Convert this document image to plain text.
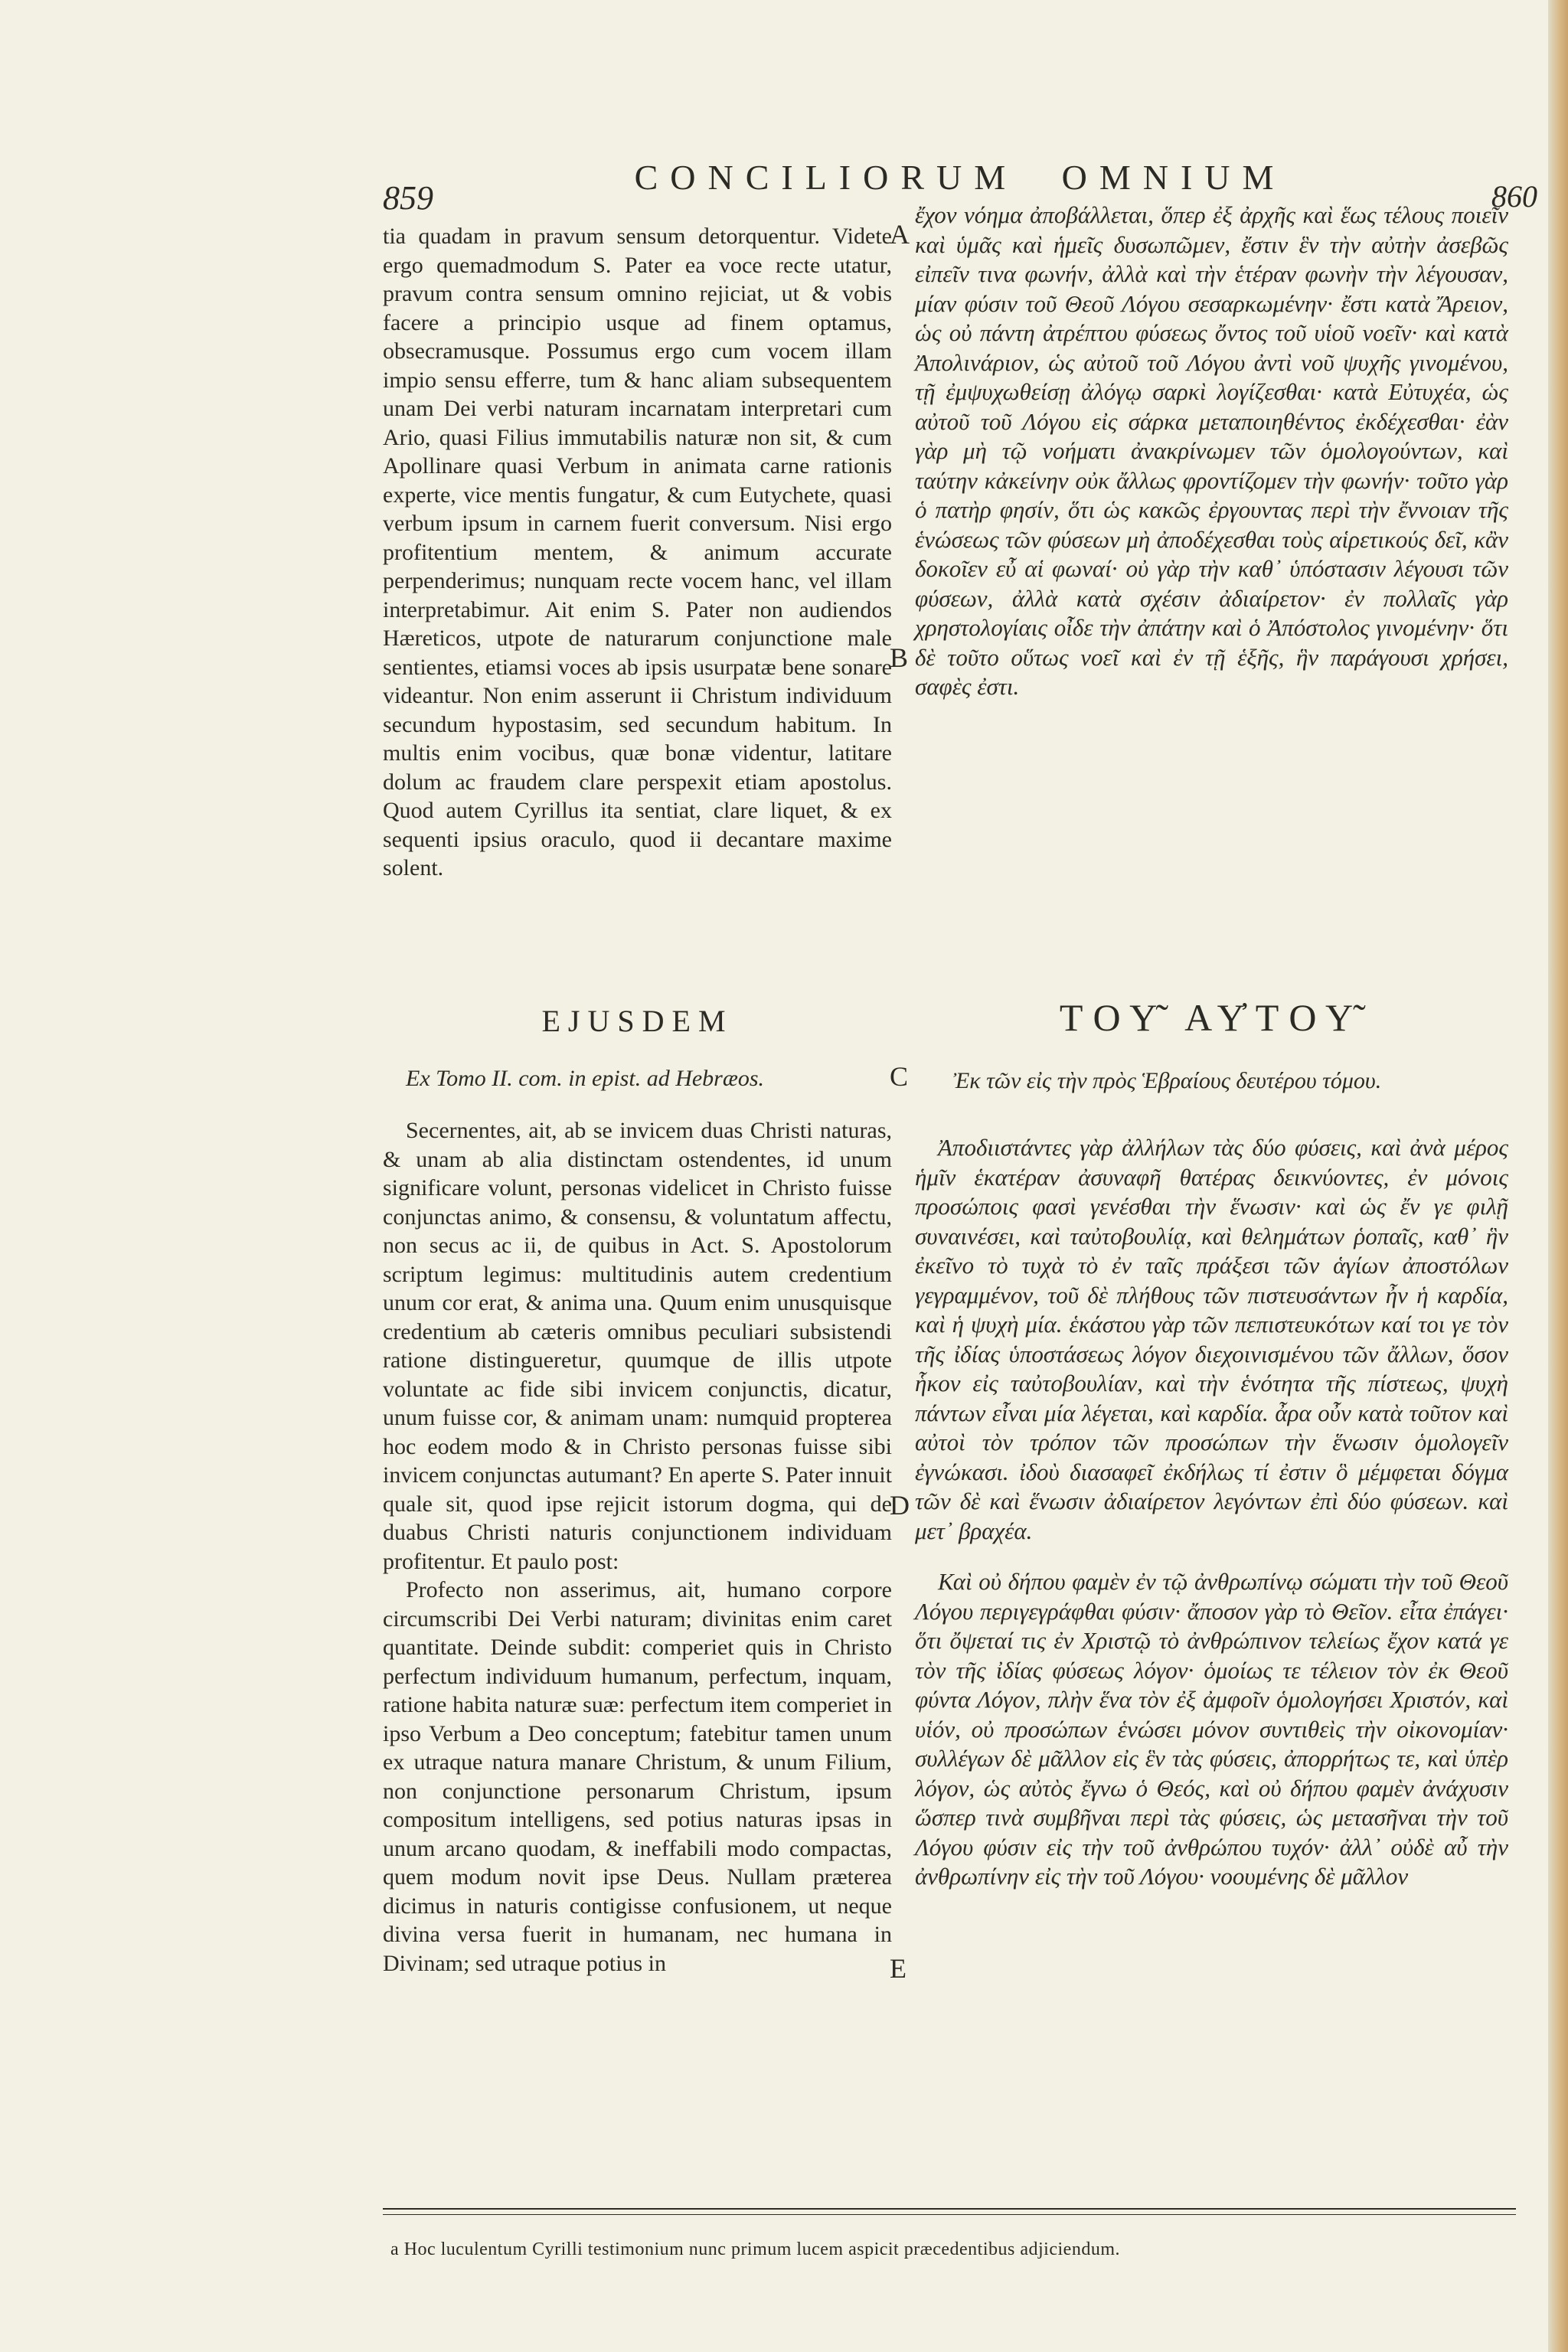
859
CONCILIORUM OMNIUM	860

tia quadam in pravum sensum detorquentur. Videte ergo quemadmodum S. Pater ea voce recte utatur, pravum contra sensum omnino rejiciat, ut & vobis facere a principio usque ad finem optamus, obsecramusque. Possumus ergo cum vocem illam impio sensu efferre, tum & hanc aliam subsequentem unam Dei verbi naturam incarnatam interpretari cum Ario, quasi Filius immutabilis naturæ non sit, & cum Apollinare quasi Verbum in animata carne rationis experte, vice mentis fungatur, & cum Eutychete, quasi verbum ipsum in carnem fuerit conversum. Nisi ergo profitentium mentem, & animum accurate perpenderimus; nunquam recte vocem hanc, vel illam interpretabimur. Ait enim S. Pater non audiendos Hæreticos, utpote de naturarum conjunctione male sentientes, etiamsi voces ab ipsis usurpatæ bene sonare videantur. Non enim asserunt ii Christum individuum secundum hypostasim, sed secundum habitum. In multis enim vocibus, quæ bonæ videntur, latitare dolum ac fraudem clare perspexit etiam apostolus. Quod autem Cyrillus ita sentiat, clare liquet, & ex sequenti ipsius oraculo, quod ii decantare maxime solent.

ἔχον νόημα ἀποβάλλεται, ὅπερ ἐξ ἀρχῆς καὶ ἕως τέλους ποιεῖν καὶ ὑμᾶς καὶ ἡμεῖς δυσωπῶμεν, ἔστιν ἓν τὴν αὐτὴν ἀσεβῶς εἰπεῖν τινα φωνήν, ἀλλὰ καὶ τὴν ἑτέραν φωνὴν τὴν λέγουσαν, μίαν φύσιν τοῦ Θεοῦ Λόγου σεσαρκωμένην· ἔστι κατὰ Ἄρειον, ὡς οὐ πάντη ἀτρέπτου φύσεως ὄντος τοῦ υἱοῦ νοεῖν· καὶ κατὰ Ἀπολινάριον, ὡς αὐτοῦ τοῦ Λόγου ἀντὶ νοῦ ψυχῆς γινομένου, τῇ ἐμψυχωθείσῃ ἀλόγῳ σαρκὶ λογίζεσθαι· κατὰ Εὐτυχέα, ὡς αὐτοῦ τοῦ Λόγου εἰς σάρκα μεταποιηθέντος ἐκδέχεσθαι· ἐὰν γὰρ μὴ τῷ νοήματι ἀνακρίνωμεν τῶν ὁμολογούντων, καὶ ταύτην κἀκείνην οὐκ ἄλλως φροντίζομεν τὴν φωνήν· τοῦτο γὰρ ὁ πατὴρ φησίν, ὅτι ὡς κακῶς ἐργουντας περὶ τὴν ἔννοιαν τῆς ἑνώσεως τῶν φύσεων μὴ ἀποδέχεσθαι τοὺς αἱρετικούς δεῖ, κἂν δοκοῖεν εὖ αἱ φωναί· οὐ γὰρ τὴν καθ᾽ ὑπόστασιν λέγουσι τῶν φύσεων, ἀλλὰ κατὰ σχέσιν ἀδιαίρετον· ἐν πολλαῖς γὰρ χρηστολογίαις οἶδε τὴν ἀπάτην καὶ ὁ Ἀπόστολος γινομένην· ὅτι δὲ τοῦτο οὕτως νοεῖ καὶ ἐν τῇ ἑξῆς, ἣν παράγουσι χρήσει, σαφὲς ἐστι.

A
B
C
D
E
EJUSDEM	ΤΟΥ̃ ΑΥ̓ΤΟΥ̃
Ex Tomo II. com. in epist. ad Hebræos.	Ἐκ τῶν εἰς τὴν πρὸς Ἑβραίους δευτέρου τόμου.

Secernentes, ait, ab se invicem duas Christi naturas, & unam ab alia distinctam ostendentes, id unum significare volunt, personas videlicet in Christo fuisse conjunctas animo, & consensu, & voluntatum affectu, non secus ac ii, de quibus in Act. S. Apostolorum scriptum legimus: multitudinis autem credentium unum cor erat, & anima una. Quum enim unusquisque credentium ab cæteris omnibus peculiari subsistendi ratione distingueretur, quumque de illis utpote voluntate ac fide sibi invicem conjunctis, dicatur, unum fuisse cor, & animam unam: numquid propterea hoc eodem modo & in Christo personas fuisse sibi invicem conjunctas autumant? En aperte S. Pater innuit quale sit, quod ipse rejicit istorum dogma, qui de duabus Christi naturis conjunctionem individuam profitentur. Et paulo post:

Profecto non asserimus, ait, humano corpore circumscribi Dei Verbi naturam; divinitas enim caret quantitate. Deinde subdit: comperiet quis in Christo perfectum individuum humanum, perfectum, inquam, ratione habita naturæ suæ: perfectum item comperiet in ipso Verbum a Deo conceptum; fatebitur tamen unum ex utraque natura manare Christum, & unum Filium, non conjunctione personarum Christum, ipsum compositum intelligens, sed potius naturas ipsas in unum arcano quodam, & ineffabili modo compactas, quem modum novit ipse Deus. Nullam præterea dicimus in naturis contigisse confusionem, ut neque divina versa fuerit in humanam, nec humana in Divinam; sed utraque potius in

Ἀποδιιστάντες γὰρ ἀλλήλων τὰς δύο φύσεις, καὶ ἀνὰ μέρος ἡμῖν ἑκατέραν ἀσυναφῆ θατέρας δεικνύοντες, ἐν μόνοις προσώποις φασὶ γενέσθαι τὴν ἕνωσιν· καὶ ὡς ἔν γε φιλῇ συναινέσει, καὶ ταὐτοβουλίᾳ, καὶ θελημάτων ῥοπαῖς, καθ᾽ ἣν ἐκεῖνο τὸ τυχὰ τὸ ἐν ταῖς πράξεσι τῶν ἁγίων ἀποστόλων γεγραμμένον, τοῦ δὲ πλήθους τῶν πιστευσάντων ἦν ἡ καρδία, καὶ ἡ ψυχὴ μία. ἑκάστου γὰρ τῶν πεπιστευκότων καί τοι γε τὸν τῆς ἰδίας ὑποστάσεως λόγον διεχοινισμένου τῶν ἄλλων, ὅσον ἧκον εἰς ταὐτοβουλίαν, καὶ τὴν ἑνότητα τῆς πίστεως, ψυχὴ πάντων εἶναι μία λέγεται, καὶ καρδία. ἆρα οὖν κατὰ τοῦτον καὶ αὐτοὶ τὸν τρόπον τῶν προσώπων τὴν ἕνωσιν ὁμολογεῖν ἐγνώκασι. ἰδοὺ διασαφεῖ ἐκδήλως τί ἐστιν ὃ μέμφεται δόγμα τῶν δὲ καὶ ἕνωσιν ἀδιαίρετον λεγόντων ἐπὶ δύο φύσεων. καὶ μετ᾽ βραχέα.

Καὶ οὐ δήπου φαμὲν ἐν τῷ ἀνθρωπίνῳ σώματι τὴν τοῦ Θεοῦ Λόγου περιγεγράφθαι φύσιν· ἄποσον γὰρ τὸ Θεῖον. εἶτα ἐπάγει· ὅτι ὄψεταί τις ἐν Χριστῷ τὸ ἀνθρώπινον τελείως ἔχον κατά γε τὸν τῆς ἰδίας φύσεως λόγον· ὁμοίως τε τέλειον τὸν ἐκ Θεοῦ φύντα Λόγον, πλὴν ἕνα τὸν ἐξ ἀμφοῖν ὁμολογήσει Χριστόν, καὶ υἱόν, οὐ προσώπων ἑνώσει μόνον συντιθεὶς τὴν οἰκονομίαν· συλλέγων δὲ μᾶλλον εἰς ἓν τὰς φύσεις, ἀπορρήτως τε, καὶ ὑπὲρ λόγον, ὡς αὐτὸς ἔγνω ὁ Θεός, καὶ οὐ δήπου φαμὲν ἀνάχυσιν ὥσπερ τινὰ συμβῆναι περὶ τὰς φύσεις, ὡς μετασῆναι τὴν τοῦ Λόγου φύσιν εἰς τὴν τοῦ ἀνθρώπου τυχόν· ἀλλ᾽ οὐδὲ αὖ τὴν ἀνθρωπίνην εἰς τὴν τοῦ Λόγου· νοουμένης δὲ μᾶλλον

a Hoc luculentum Cyrilli testimonium nunc primum lucem aspicit præcedentibus adjiciendum.
